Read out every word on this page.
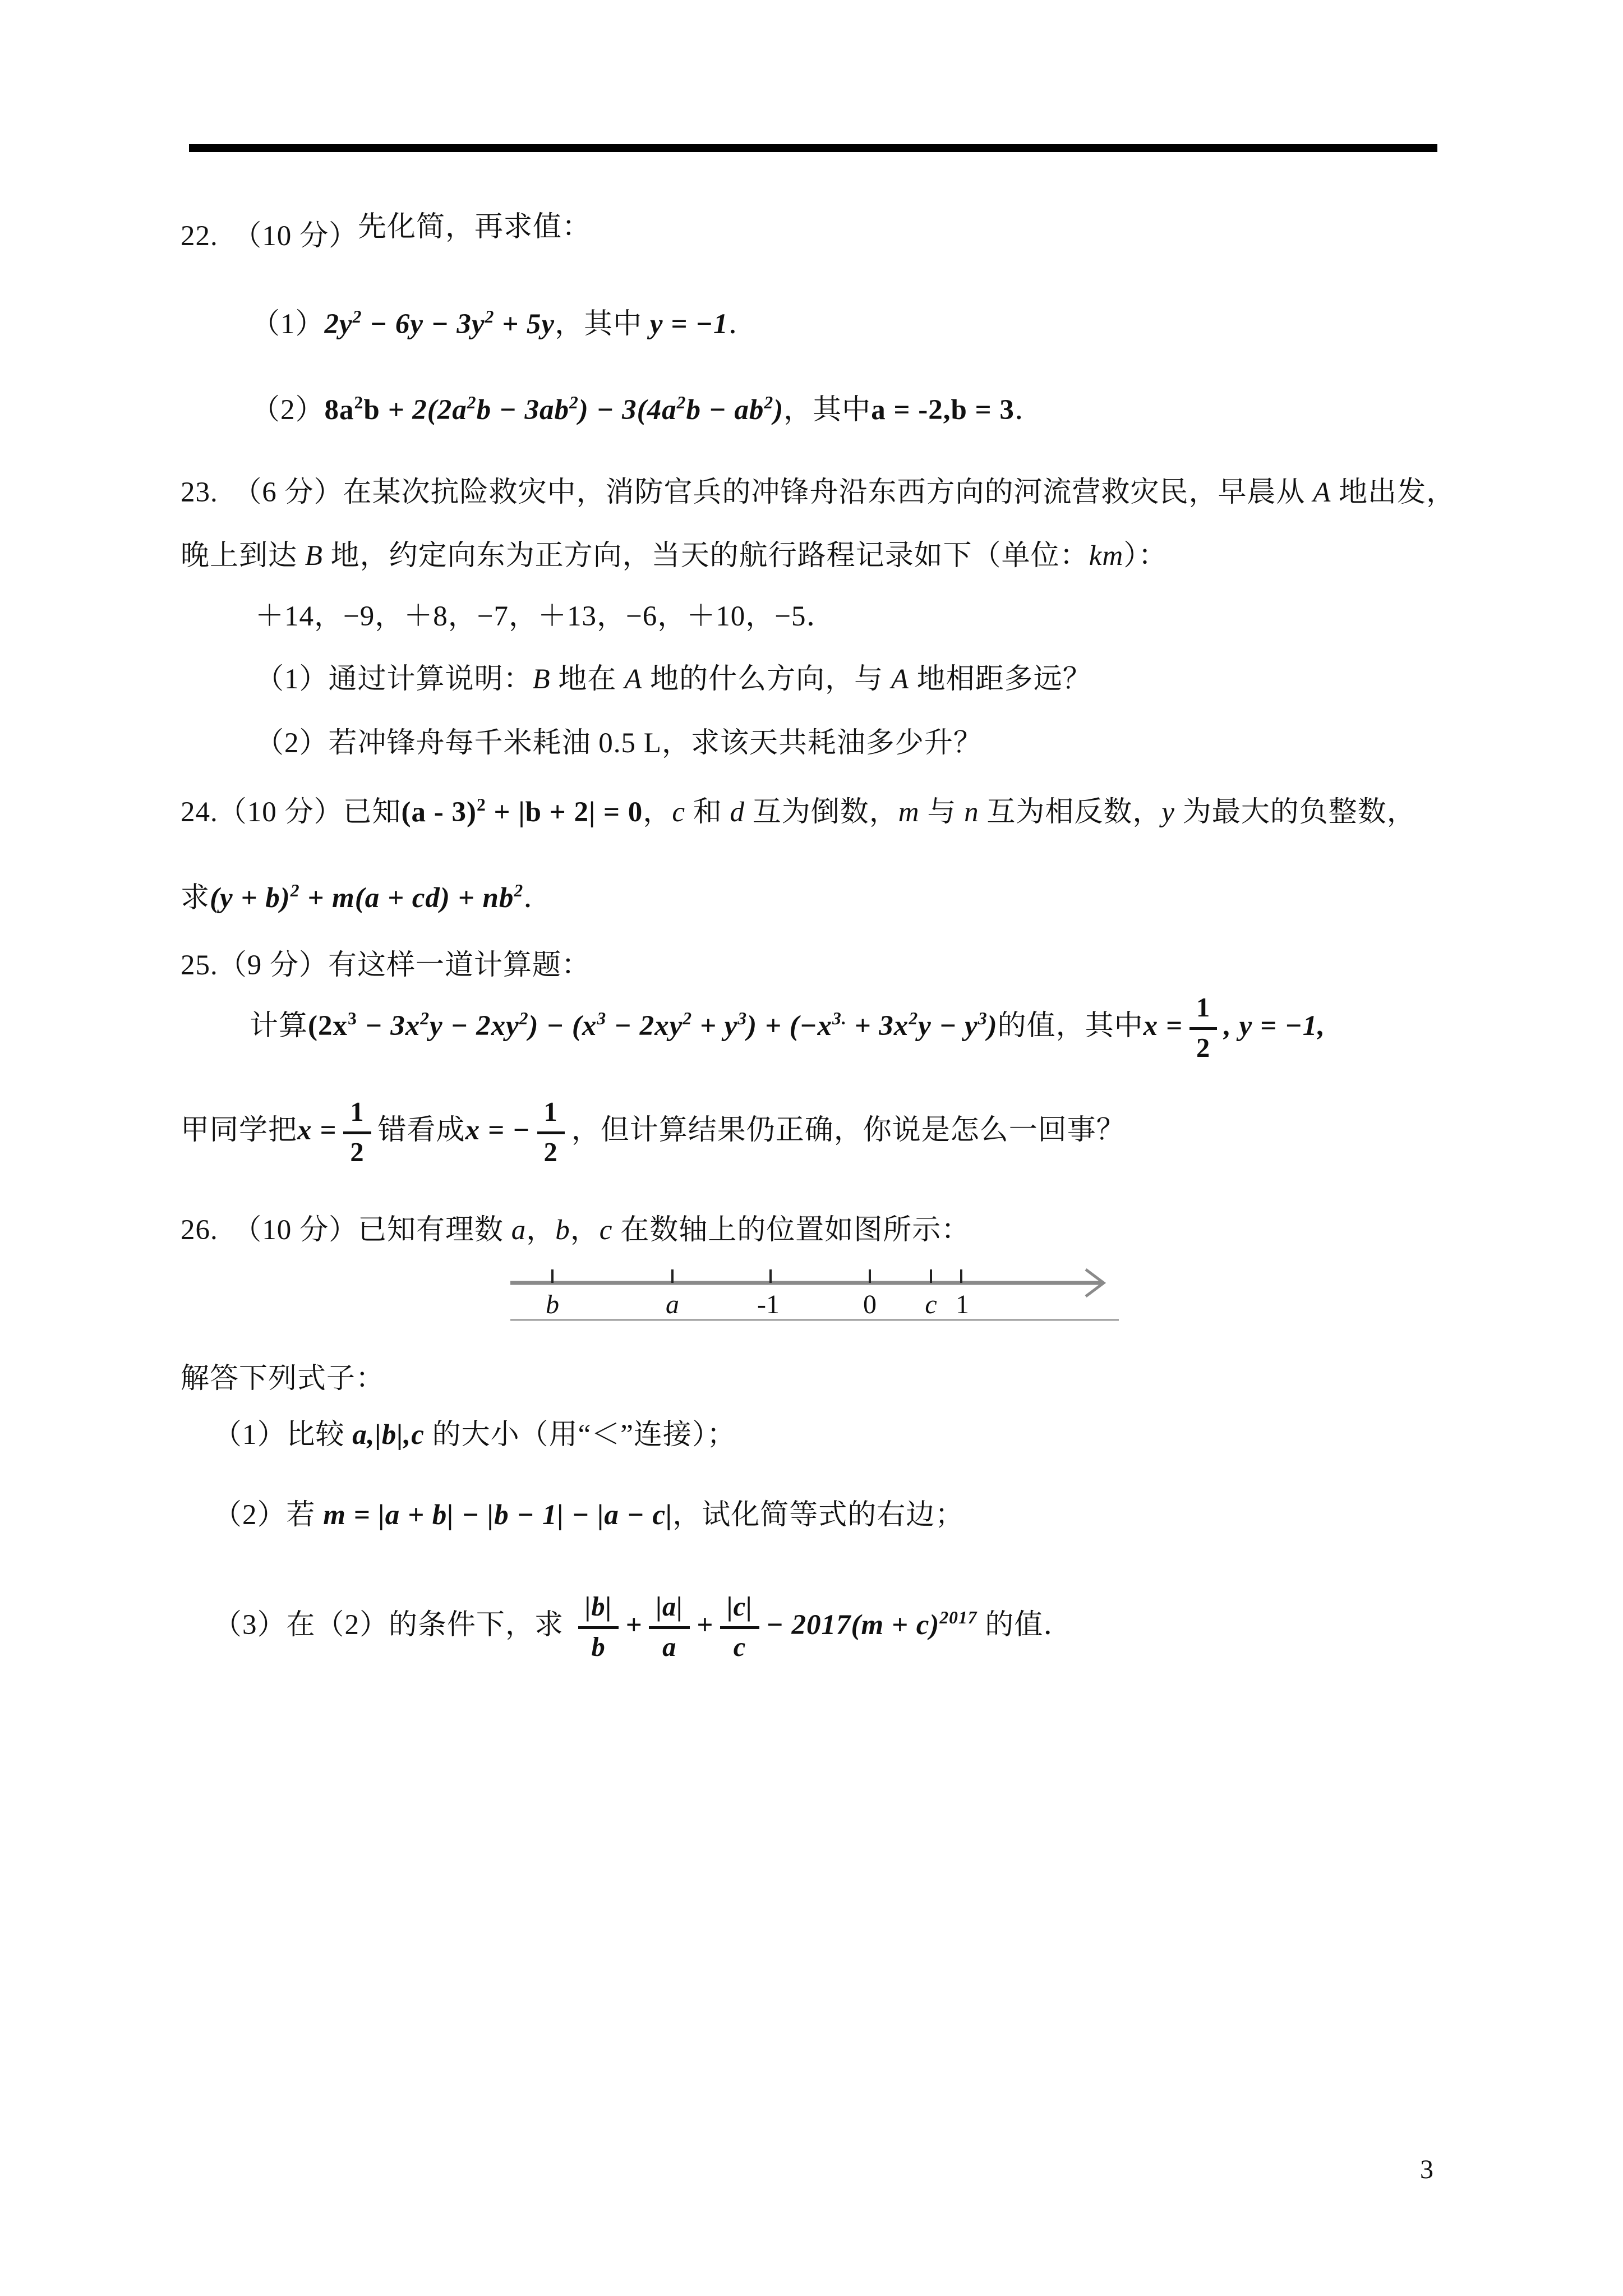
22.　（10 分）先化简，再求值：
$(1)2y^2 - 6y - 3y^2 + 5y$，其中 y = −1．
$(2)8a^2b + 2(2a^2b - 3ab^2) - 3(4a^2b - ab^2)$，其中a = -2,b = 3．
23.　（6 分）在某次抗险救灾中，消防官兵的冲锋舟沿东西方向的河流营救灾民，早晨从 A 地出发，
晚上到达 B 地，约定向东为正方向，当天的航行路程记录如下（单位：km）：
＋14，−9，＋8，−7，＋13，−6，＋10，−5．
（1）通过计算说明：B 地在 A 地的什么方向，与 A 地相距多远？
（2）若冲锋舟每千米耗油 0.5 L，求该天共耗油多少升？
24.（10 分）已知(a - 3)$^2$ + |b + 2| = 0，c 和 d 互为倒数，m 与 n 互为相反数，y 为最大的负整数，
求$(y + b)^2 + m(a + cd) + nb^2$．
25.（9 分）有这样一道计算题：
计算$(2x^3 - 3x^2y - 2xy^2) - (x^3 - 2xy^2 + y^3) + (-x^{3.} + 3x^2y - y^3)$的值，其中$x = \frac{1}{2}$ , y = −1,
甲同学把$x = \frac{1}{2}$ 错看成x = − $\frac{1}{2}$ ，但计算结果仍正确，你说是怎么一回事？
26.　（10 分）已知有理数 a，b，c 在数轴上的位置如图所示：
b	a	-1	0 c 1
解答下列式子：
（1）比较 a,|b|,c 的大小（用“＜”连接）；
（2）若 m = |a + b| − |b − 1| − |a − c|，试化简等式的右边；
（3）在（2）的条件下，求 $\frac{|b|}{b} + \frac{|a|}{a} + \frac{|c|}{c} - 2017(m + c)^{2017}$ 的值．
3
